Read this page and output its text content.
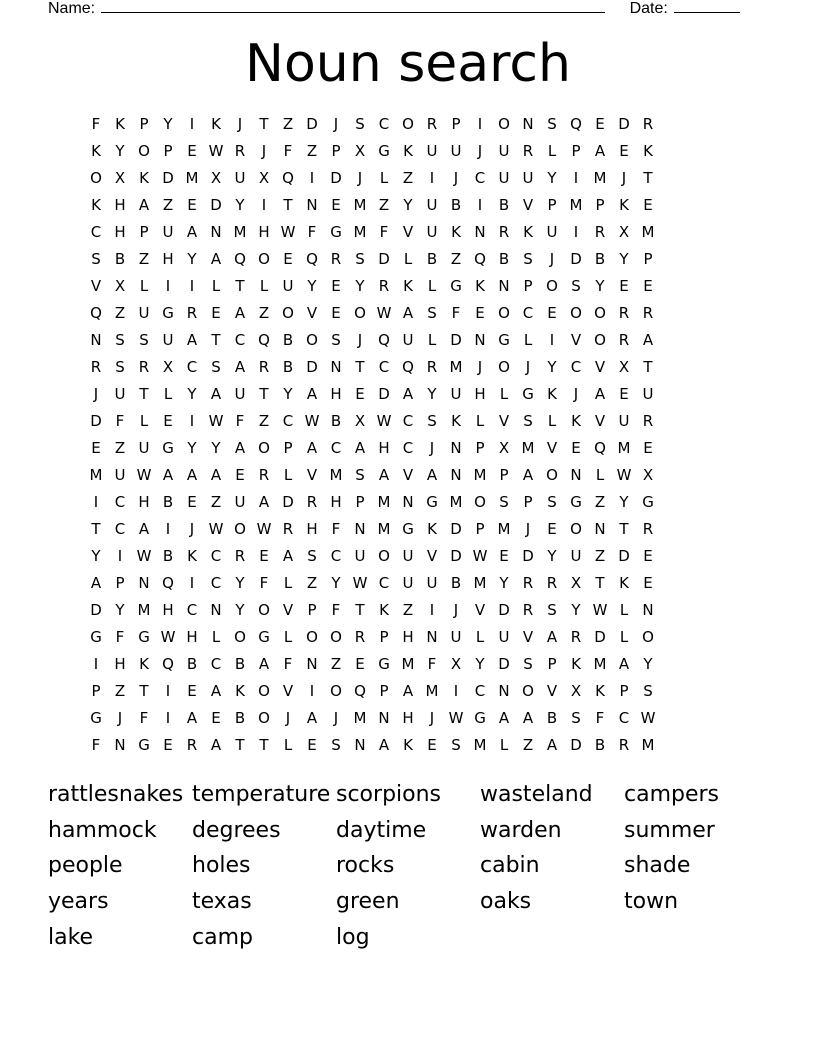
Name:	Date:
Noun search
F K P Y	I	K	J	T Z D	J	S C O R P	I	O N S Q E D R
K Y O P E W R	J	F Z P X G K U U	J	U R L	P A E K
O X K D M X U X Q	I	D	J	L Z	I	J	C U U Y	I	M	J	T
K H A Z E D Y	I	T N E M Z Y U B	I	B V P M P K E
C H P U A N M H W F G M F V U K N R K U	I	R X M
S B Z H Y A Q O E Q R S D L B Z Q B S	J	D B Y P
V X L	I	I	L	T	L U Y E Y R K L G K N P O S Y E E
Q Z U G R E A Z O V E O W A S F E O C E O O R R
N S S U A T C Q B O S	J	Q U L D N G L	I	V O R A
R S R X C S A R B D N T C Q R M	J	O	J	Y C V X T
J	U T	L	Y A U T Y A H E D A Y U H L G K	J	A E U
D F	L	E	I W F Z C W B X W C S K L V S	L K V U R
E Z U G Y Y A O P A C A H C	J	N P X M V E Q M E
M U W A A A E R L V M S A V A N M P A O N L W X
I	C H B E Z U A D R H P M N G M O S P S G Z Y G
T C A	I	J W O W R H F N M G K D P M	J	E O N T R
Y	I W B K C R E A S C U O U V D W E D Y U Z D E
A P N Q	I	C Y	F	L Z Y W C U U B M Y R R X T K E
D Y M H C N Y O V P	F	T K Z	I	J	V D R S Y W L N
G F G W H L O G L O O R P H N U L U V A R D L O
I	H K Q B C B A F N Z E G M F X Y D S P K M A Y
P Z T	I	E A K O V	I	O Q P A M	I	C N O V X K P S
G	J	F	I	A E B O	J	A	J	M N H	J W G A A B S F C W
F N G E R A T T	L	E S N A K E S M L Z A D B R M
rattlesnakes temperature scorpions	wasteland	campers
hammock	degrees	daytime	warden	summer
people	holes	rocks	cabin	shade
years	texas	green	oaks	town
lake	camp	log
